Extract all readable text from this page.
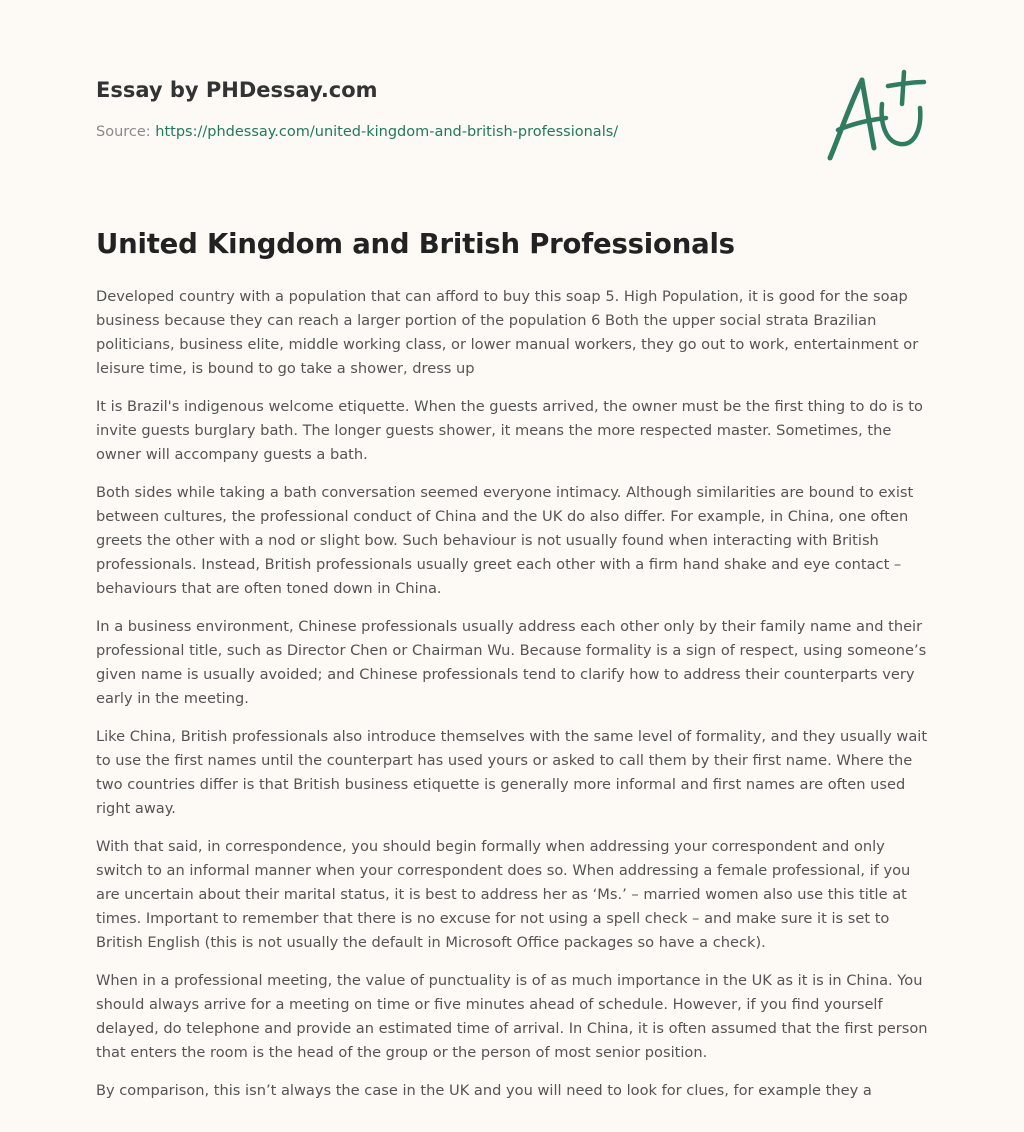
Essay by PHDessay.com
Source: https://phdessay.com/united-kingdom-and-british-professionals/
United Kingdom and British Professionals

Developed country with a population that can afford to buy this soap 5. High Population, it is good for the soap business because they can reach a larger portion of the population 6 Both the upper social strata Brazilian politicians, business elite, middle working class, or lower manual workers, they go out to work, entertainment or leisure time, is bound to go take a shower, dress up

It is Brazil's indigenous welcome etiquette. When the guests arrived, the owner must be the first thing to do is to invite guests burglary bath. The longer guests shower, it means the more respected master. Sometimes, the owner will accompany guests a bath.

Both sides while taking a bath conversation seemed everyone intimacy. Although similarities are bound to exist between cultures, the professional conduct of China and the UK do also differ. For example, in China, one often greets the other with a nod or slight bow. Such behaviour is not usually found when interacting with British professionals. Instead, British professionals usually greet each other with a firm hand shake and eye contact – behaviours that are often toned down in China.

In a business environment, Chinese professionals usually address each other only by their family name and their professional title, such as Director Chen or Chairman Wu. Because formality is a sign of respect, using someone’s given name is usually avoided; and Chinese professionals tend to clarify how to address their counterparts very early in the meeting.

Like China, British professionals also introduce themselves with the same level of formality, and they usually wait to use the first names until the counterpart has used yours or asked to call them by their first name. Where the two countries differ is that British business etiquette is generally more informal and first names are often used right away.

With that said, in correspondence, you should begin formally when addressing your correspondent and only switch to an informal manner when your correspondent does so. When addressing a female professional, if you are uncertain about their marital status, it is best to address her as ‘Ms.’ – married women also use this title at times. Important to remember that there is no excuse for not using a spell check – and make sure it is set to British English (this is not usually the default in Microsoft Office packages so have a check).

When in a professional meeting, the value of punctuality is of as much importance in the UK as it is in China. You should always arrive for a meeting on time or five minutes ahead of schedule. However, if you find yourself delayed, do telephone and provide an estimated time of arrival. In China, it is often assumed that the first person that enters the room is the head of the group or the person of most senior position.

By comparison, this isn’t always the case in the UK and you will need to look for clues, for example they a
